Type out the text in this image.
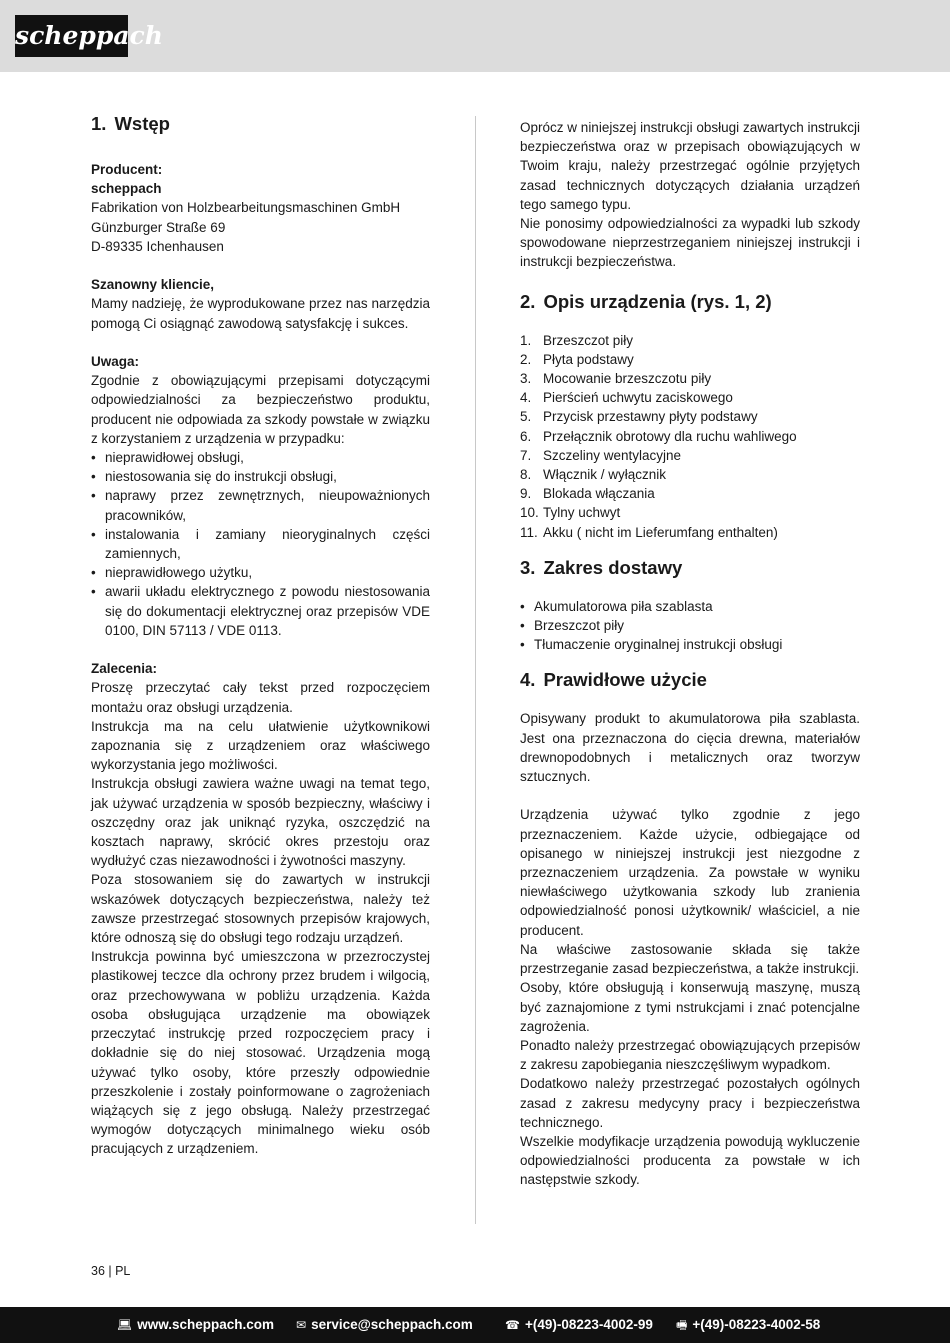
scheppach
1. Wstęp

Producent:

scheppach

Fabrikation von Holzbearbeitungsmaschinen GmbH

Günzburger Straße 69

D-89335 Ichenhausen

Szanowny kliencie,

Mamy nadzieję, że wyprodukowane przez nas narzędzia pomogą Ci osiągnąć zawodową satysfakcję i sukces.

Uwaga:

Zgodnie z obowiązującymi przepisami dotyczącymi odpowiedzialności za bezpieczeństwo produktu, producent nie odpowiada za szkody powstałe w związku z korzystaniem z urządzenia w przypadku:

• nieprawidłowej obsługi,
• niestosowania się do instrukcji obsługi,
• naprawy przez zewnętrznych, nieupoważnionych pracowników,
• instalowania i zamiany nieoryginalnych części zamiennych,
• nieprawidłowego użytku,
• awarii układu elektrycznego z powodu niestosowania się do dokumentacji elektrycznej oraz przepisów VDE 0100, DIN 57113 / VDE 0113.

Zalecenia:

Proszę przeczytać cały tekst przed rozpoczęciem montażu oraz obsługi urządzenia.

Instrukcja ma na celu ułatwienie użytkownikowi zapoznania się z urządzeniem oraz właściwego wykorzystania jego możliwości.

Instrukcja obsługi zawiera ważne uwagi na temat tego, jak używać urządzenia w sposób bezpieczny, właściwy i oszczędny oraz jak uniknąć ryzyka, oszczędzić na kosztach naprawy, skrócić okres przestoju oraz wydłużyć czas niezawodności i żywotności maszyny.

Poza stosowaniem się do zawartych w instrukcji wskazówek dotyczących bezpieczeństwa, należy też zawsze przestrzegać stosownych przepisów krajowych, które odnoszą się do obsługi tego rodzaju urządzeń.

Instrukcja powinna być umieszczona w przezroczystej plastikowej teczce dla ochrony przez brudem i wilgocią, oraz przechowywana w pobliżu urządzenia. Każda osoba obsługująca urządzenie ma obowiązek przeczytać instrukcję przed rozpoczęciem pracy i dokładnie się do niej stosować. Urządzenia mogą używać tylko osoby, które przeszły odpowiednie przeszkolenie i zostały poinformowane o zagrożeniach wiążących się z jego obsługą. Należy przestrzegać wymogów dotyczących minimalnego wieku osób pracujących z urządzeniem.

Oprócz w niniejszej instrukcji obsługi zawartych instrukcji bezpieczeństwa oraz w przepisach obowiązujących w Twoim kraju, należy przestrzegać ogólnie przyjętych zasad technicznych dotyczących działania urządzeń tego samego typu.

Nie ponosimy odpowiedzialności za wypadki lub szkody spowodowane nieprzestrzeganiem niniejszej instrukcji i instrukcji bezpieczeństwa.

2. Opis urządzenia (rys. 1, 2)
1. Brzeszczot piły
2. Płyta podstawy
3. Mocowanie brzeszczotu piły
4. Pierścień uchwytu zaciskowego
5. Przycisk przestawny płyty podstawy
6. Przełącznik obrotowy dla ruchu wahliwego
7. Szczeliny wentylacyjne
8. Włącznik / wyłącznik
9. Blokada włączania
10. Tylny uchwyt
11. Akku ( nicht im Lieferumfang enthalten)
3. Zakres dostawy
• Akumulatorowa piła szablasta
• Brzeszczot piły
• Tłumaczenie oryginalnej instrukcji obsługi
4. Prawidłowe użycie

Opisywany produkt to akumulatorowa piła szablasta. Jest ona przeznaczona do cięcia drewna, materiałów drewnopodobnych i metalicznych oraz tworzyw sztucznych.

Urządzenia używać tylko zgodnie z jego przeznaczeniem. Każde użycie, odbiegające od opisanego w niniejszej instrukcji jest niezgodne z przeznaczeniem urządzenia. Za powstałe w wyniku niewłaściwego użytkowania szkody lub zranienia odpowiedzialność ponosi użytkownik/ właściciel, a nie producent.

Na właściwe zastosowanie składa się także przestrzeganie zasad bezpieczeństwa, a także instrukcji.

Osoby, które obsługują i konserwują maszynę, muszą być zaznajomione z tymi nstrukcjami i znać potencjalne zagrożenia.

Ponadto należy przestrzegać obowiązujących przepisów z zakresu zapobiegania nieszczęśliwym wypadkom.

Dodatkowo należy przestrzegać pozostałych ogólnych zasad z zakresu medycyny pracy i bezpieczeństwa technicznego.

Wszelkie modyfikacje urządzenia powodują wykluczenie odpowiedzialności producenta za powstałe w ich następstwie szkody.

36 | PL
💻︎ www.scheppach.com ✉ service@scheppach.com	☎ +(49)-08223-4002-99 🖷︎ +(49)-08223-4002-58
